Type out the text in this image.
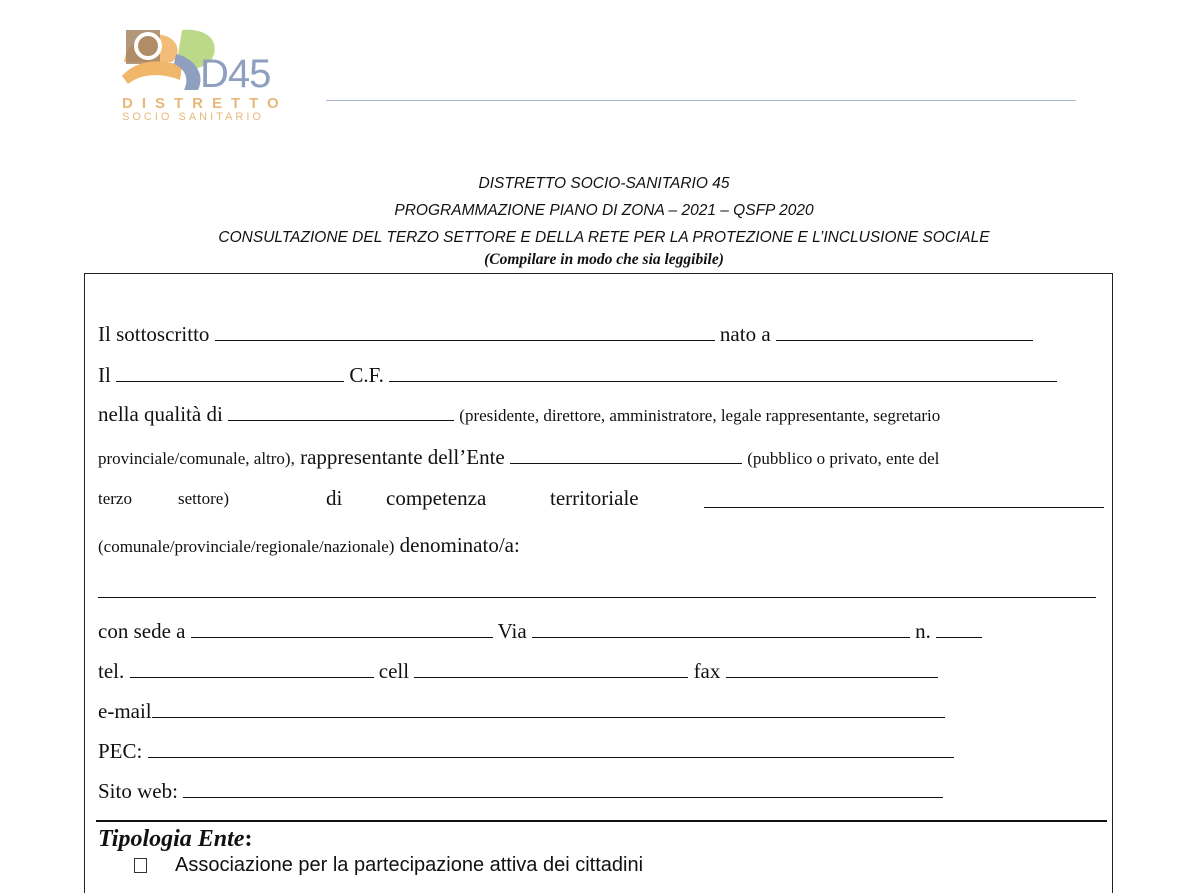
D45
DISTRETTO
SOCIO SANITARIO
DISTRETTO SOCIO-SANITARIO 45
PROGRAMMAZIONE PIANO DI ZONA – 2021 – QSFP 2020
CONSULTAZIONE DEL TERZO SETTORE E DELLA RETE PER LA PROTEZIONE E L’INCLUSIONE SOCIALE
(Compilare in modo che sia leggibile)
Il sottoscritto	nato a
Il	C.F.
nella qualità di	(presidente, direttore, amministratore, legale rappresentante, segretario
provinciale/comunale, altro), rappresentante dell’Ente	(pubblico o privato, ente del
terzo	settore)	di competenza	territoriale
(comunale/provinciale/regionale/nazionale) denominato/a:
con sede a	Via	n.
tel.	cell	fax
e-mail
PEC:
Sito web:
Tipologia Ente:
Associazione per la partecipazione attiva dei cittadini
